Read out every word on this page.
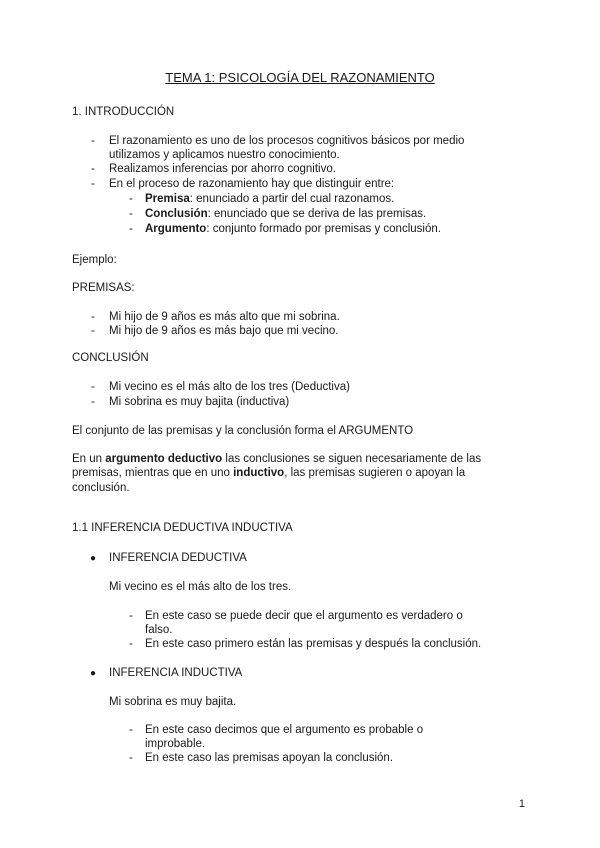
TEMA 1: PSICOLOGÍA DEL RAZONAMIENTO
1. INTRODUCCIÓN
- El razonamiento es uno de los procesos cognitivos básicos por medio
utilizamos y aplicamos nuestro conocimiento.
- Realizamos inferencias por ahorro cognitivo.
- En el proceso de razonamiento hay que distinguir entre:
- Premisa: enunciado a partir del cual razonamos.
- Conclusión: enunciado que se deriva de las premisas.
- Argumento: conjunto formado por premisas y conclusión.
Ejemplo:
PREMISAS:
- Mi hijo de 9 años es más alto que mi sobrina.
- Mi hijo de 9 años es más bajo que mi vecino.
CONCLUSIÓN
- Mi vecino es el más alto de los tres (Deductiva)
- Mi sobrina es muy bajita (inductiva)
El conjunto de las premisas y la conclusión forma el ARGUMENTO
En un argumento deductivo las conclusiones se siguen necesariamente de las
premisas, mientras que en uno inductivo, las premisas sugieren o apoyan la
conclusión.
1.1 INFERENCIA DEDUCTIVA INDUCTIVA
● INFERENCIA DEDUCTIVA
Mi vecino es el más alto de los tres.
- En este caso se puede decir que el argumento es verdadero o
falso.
- En este caso primero están las premisas y después la conclusión.
● INFERENCIA INDUCTIVA
Mi sobrina es muy bajita.
- En este caso decimos que el argumento es probable o
improbable.
- En este caso las premisas apoyan la conclusión.
1
